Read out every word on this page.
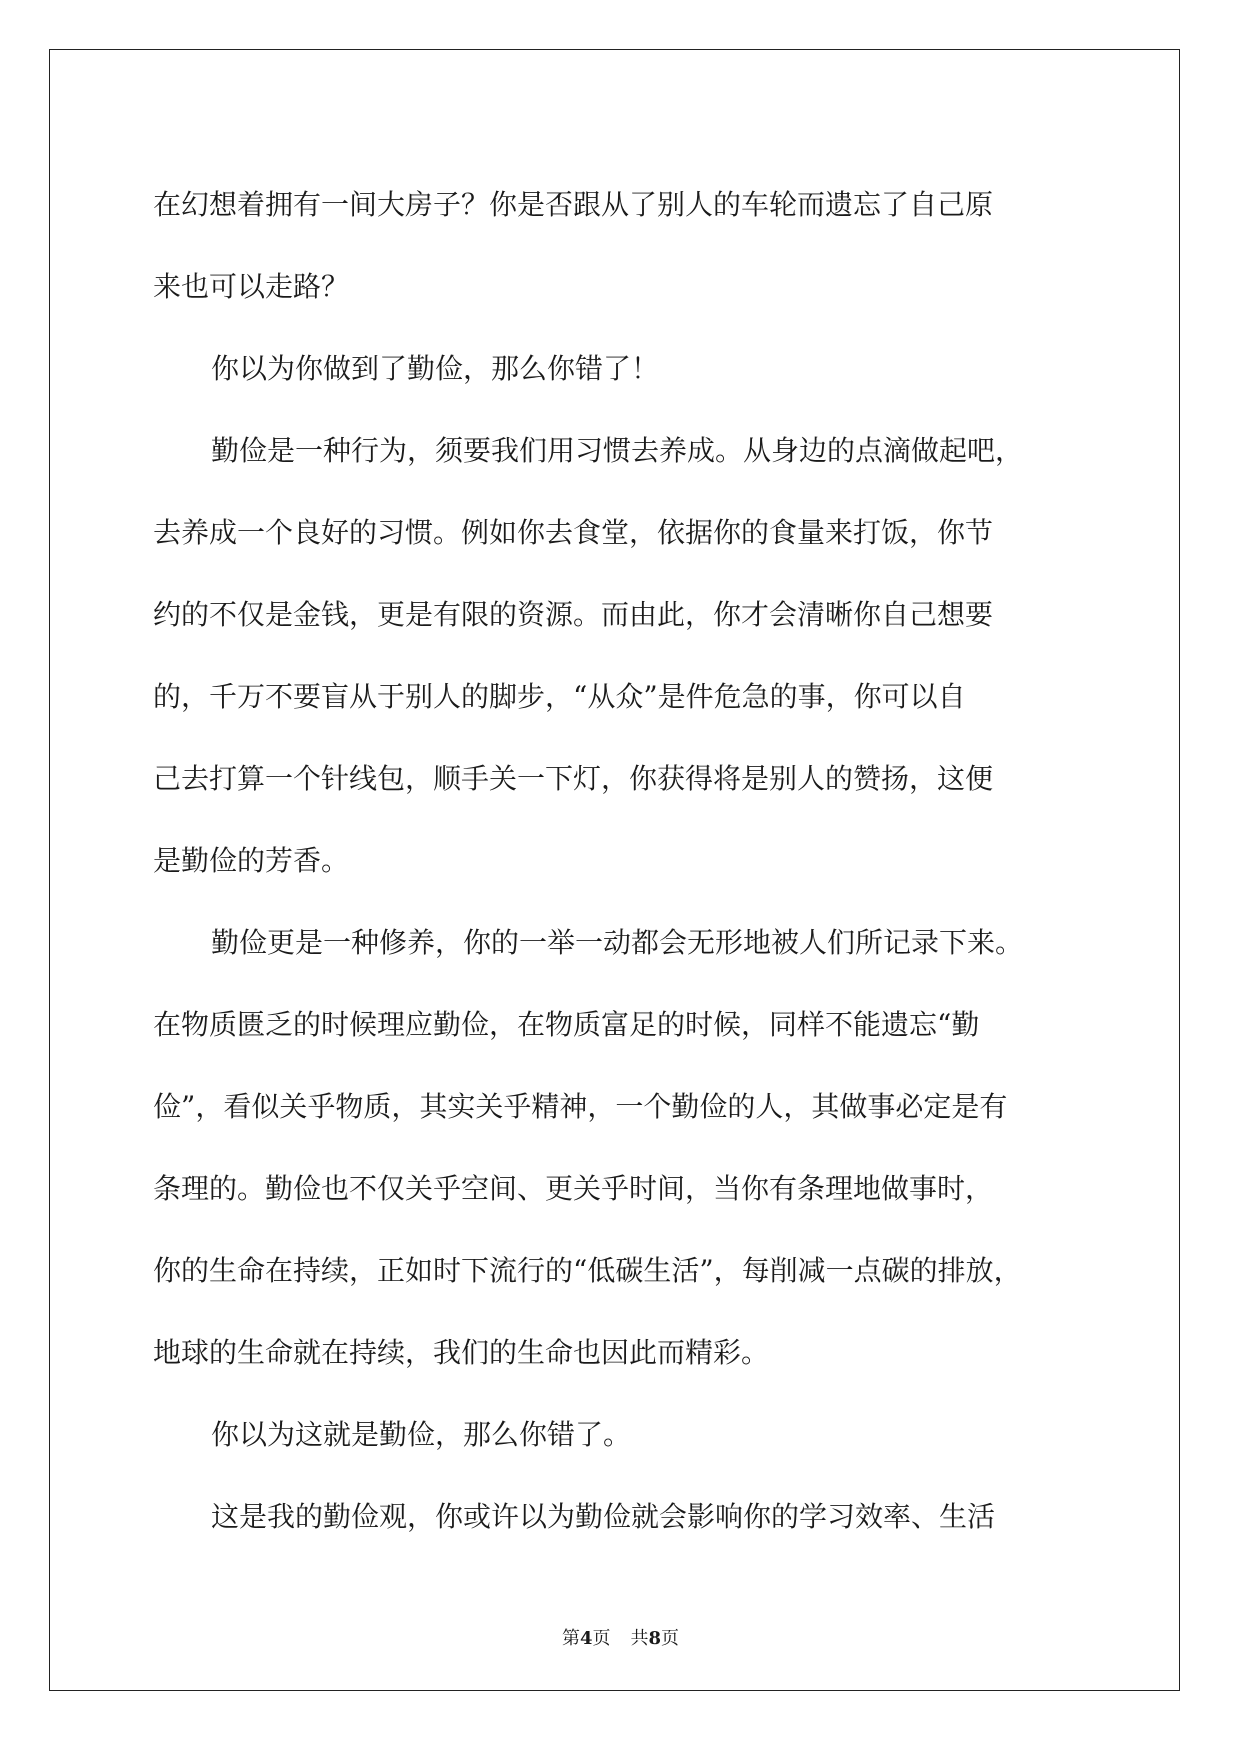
在幻想着拥有一间大房子？你是否跟从了别人的车轮而遗忘了自己原
来也可以走路？
你以为你做到了勤俭，那么你错了！
勤俭是一种行为，须要我们用习惯去养成。从身边的点滴做起吧，
去养成一个良好的习惯。例如你去食堂，依据你的食量来打饭，你节
约的不仅是金钱，更是有限的资源。而由此，你才会清晰你自己想要
的，千万不要盲从于别人的脚步，“从众”是件危急的事，你可以自
己去打算一个针线包，顺手关一下灯，你获得将是别人的赞扬，这便
是勤俭的芳香。
勤俭更是一种修养，你的一举一动都会无形地被人们所记录下来。
在物质匮乏的时候理应勤俭，在物质富足的时候，同样不能遗忘“勤
俭”，看似关乎物质，其实关乎精神，一个勤俭的人，其做事必定是有
条理的。勤俭也不仅关乎空间、更关乎时间，当你有条理地做事时，
你的生命在持续，正如时下流行的“低碳生活”，每削减一点碳的排放，
地球的生命就在持续，我们的生命也因此而精彩。
你以为这就是勤俭，那么你错了。
这是我的勤俭观，你或许以为勤俭就会影响你的学习效率、生活
第4页 共8页
